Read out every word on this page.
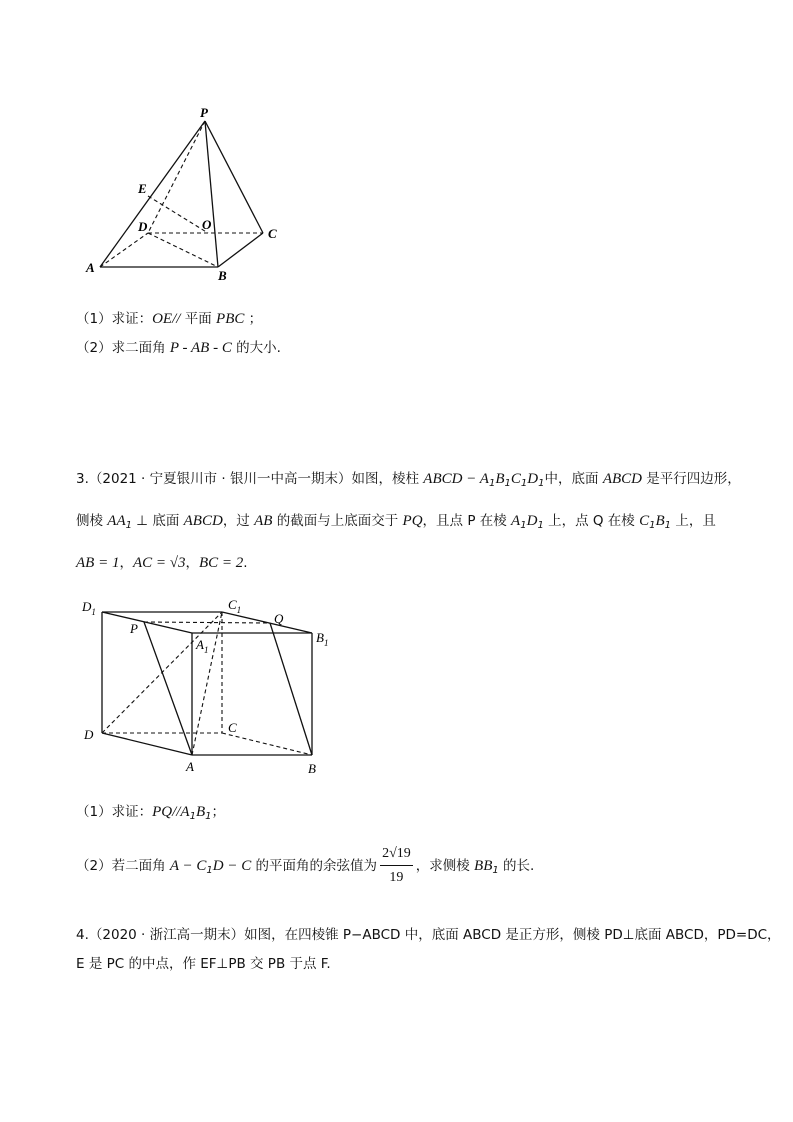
P
E
D	O
C
A
B
（1）求证：OE// 平面 PBC ；
（2）求二面角 P - AB - C 的大小.
3.（2021 · 宁夏银川市 · 银川一中高一期末）如图，棱柱 ABCD − $A_1B_1C_1D_1$中，底面 ABCD 是平行四边形，
侧棱 $AA_1$ ⊥ 底面 ABCD，过 AB 的截面与上底面交于 PQ，且点 P 在棱 $A_1D_1$ 上，点 Q 在棱 $C_1B_1$ 上，且
AB = 1，AC = √3，BC = 2.
$D_1$	$C_1$
P
Q
$B_1$
$A_1$
D	C
A	B
（1）求证：$PQ//A_1B_1$；
（2）若二面角 $A - C_1D - C$ 的平面角的余弦值为 $\frac{2√19}{19}$ ，求侧棱 $BB_1$ 的长.
4.（2020 · 浙江高一期末）如图，在四棱锥 P−ABCD 中，底面 ABCD 是正方形，侧棱 PD⊥底面 ABCD，PD=DC，
E 是 PC 的中点，作 EF⊥PB 交 PB 于点 F.
